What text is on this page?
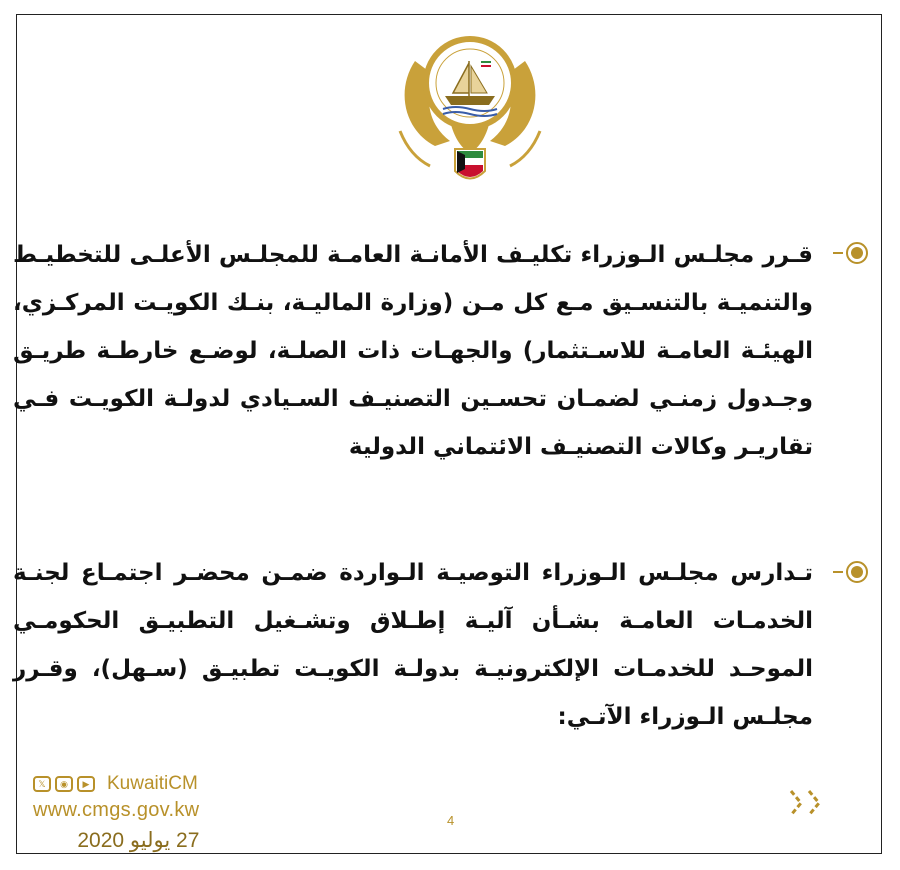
قـرر مجلـس الـوزراء تكليـف الأمانـة العامـة للمجلـس الأعلـى للتخطيـط والتنميـة بالتنسـيق مـع كل مـن (وزارة الماليـة، بنـك الكويـت المركـزي، الهيئـة العامـة للاسـتثمار) والجهـات ذات الصلـة، لوضـع خارطـة طريـق وجـدول زمنـي لضمـان تحسـين التصنيـف السـيادي لدولـة الكويـت فـي تقاريـر وكالات التصنيـف الائتماني الدولية
تـدارس مجلـس الـوزراء التوصيـة الـواردة ضمـن محضـر اجتمـاع لجنـة الخدمـات العامـة بشـأن آليـة إطـلاق وتشـغيل التطبيـق الحكومـي الموحـد للخدمـات الإلكترونيـة بدولـة الكويـت تطبيـق (سـهل)، وقـرر مجلـس الـوزراء الآتـي:
𝕏	◉	▶ KuwaitiCM
www.cmgs.gov.kw
27 يوليو 2020
4
